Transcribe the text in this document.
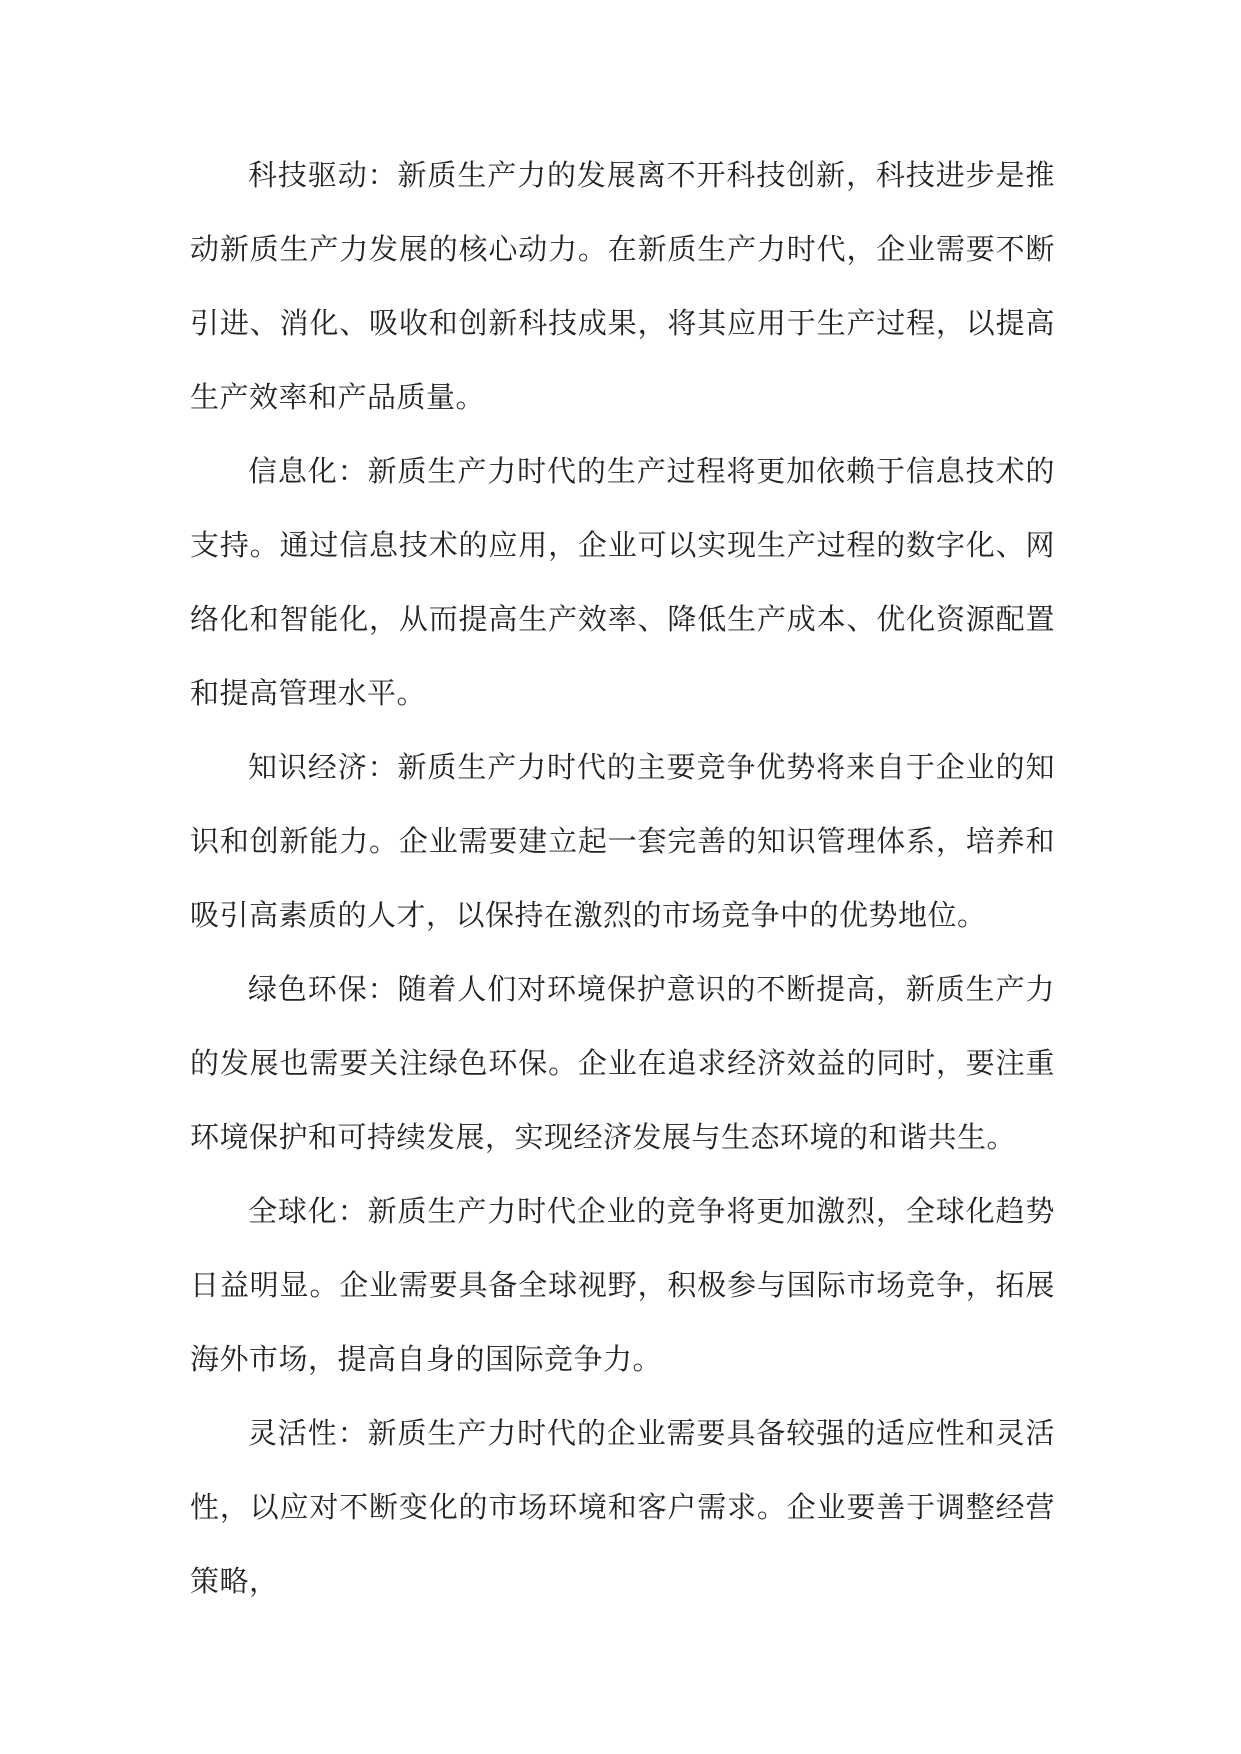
科技驱动：新质生产力的发展离不开科技创新，科技进步是推动新质生产力发展的核心动力。在新质生产力时代，企业需要不断引进、消化、吸收和创新科技成果，将其应用于生产过程，以提高生产效率和产品质量。

信息化：新质生产力时代的生产过程将更加依赖于信息技术的支持。通过信息技术的应用，企业可以实现生产过程的数字化、网络化和智能化，从而提高生产效率、降低生产成本、优化资源配置和提高管理水平。

知识经济：新质生产力时代的主要竞争优势将来自于企业的知识和创新能力。企业需要建立起一套完善的知识管理体系，培养和吸引高素质的人才，以保持在激烈的市场竞争中的优势地位。

绿色环保：随着人们对环境保护意识的不断提高，新质生产力的发展也需要关注绿色环保。企业在追求经济效益的同时，要注重环境保护和可持续发展，实现经济发展与生态环境的和谐共生。

全球化：新质生产力时代企业的竞争将更加激烈，全球化趋势日益明显。企业需要具备全球视野，积极参与国际市场竞争，拓展海外市场，提高自身的国际竞争力。

灵活性：新质生产力时代的企业需要具备较强的适应性和灵活性，以应对不断变化的市场环境和客户需求。企业要善于调整经营策略，
